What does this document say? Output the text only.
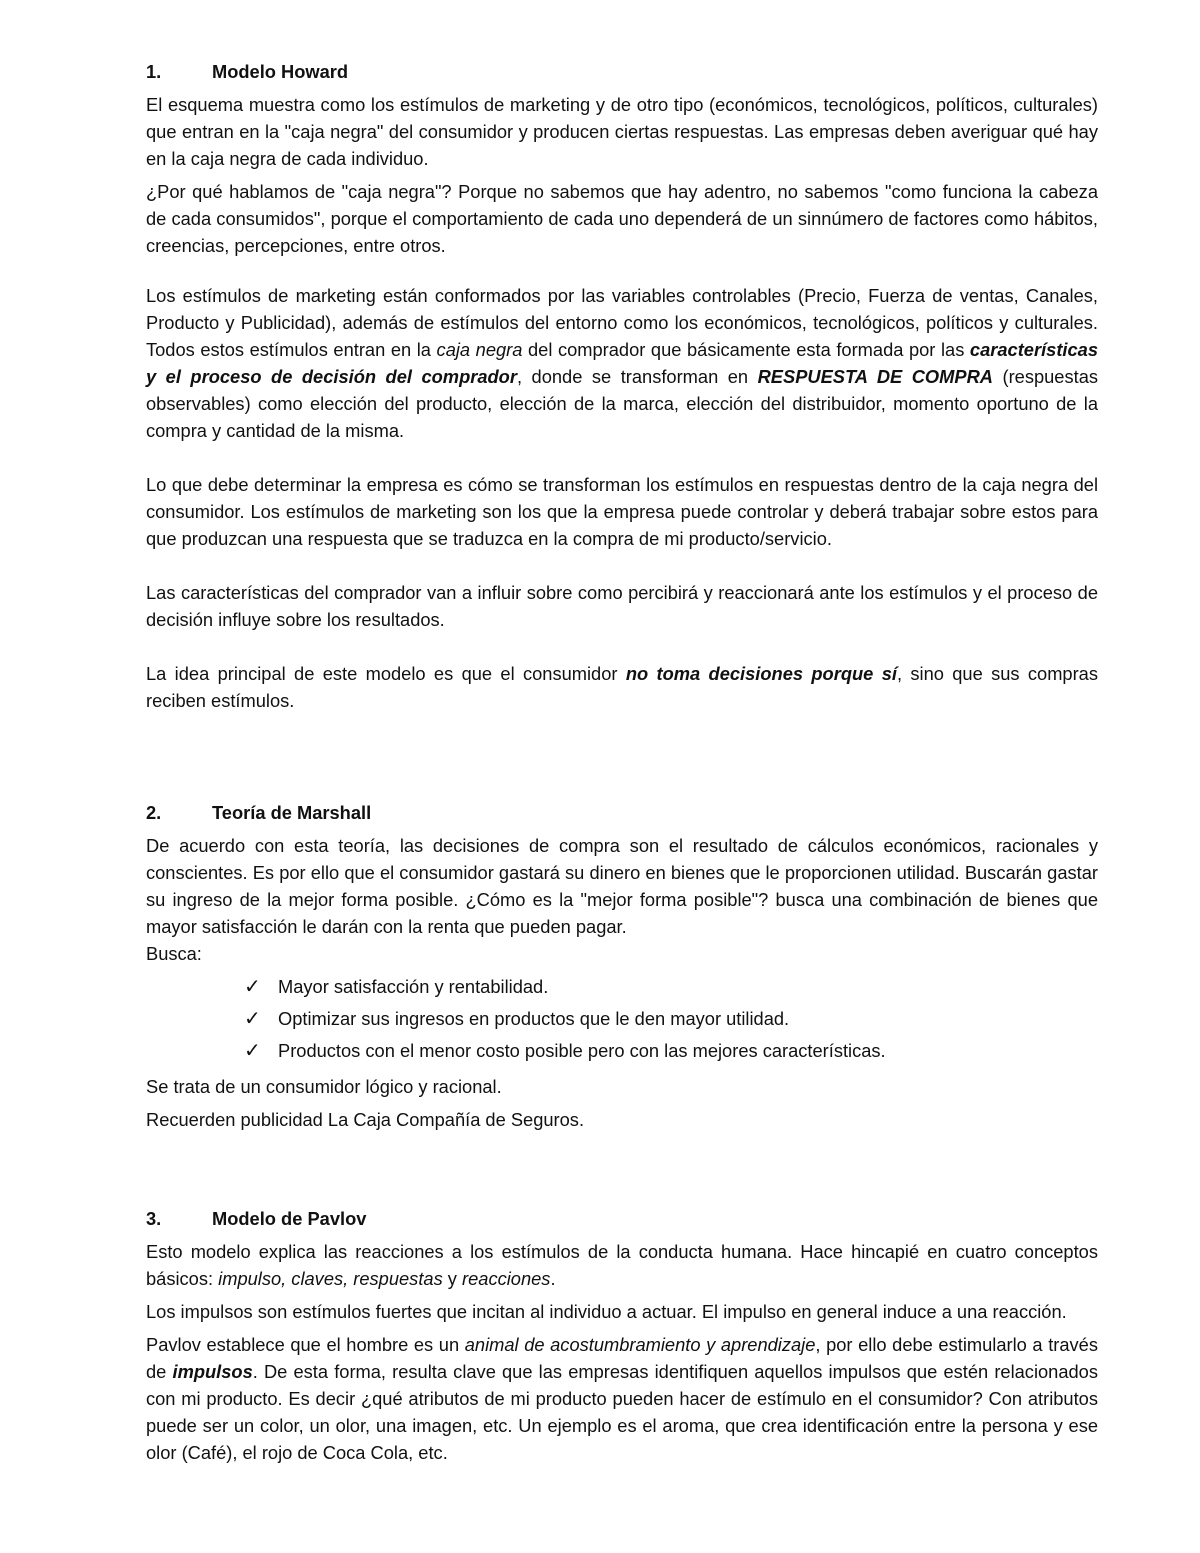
1.	Modelo Howard

El esquema muestra como los estímulos de marketing y de otro tipo (económicos, tecnológicos, políticos, culturales) que entran en la "caja negra" del consumidor y producen ciertas respuestas. Las empresas deben averiguar qué hay en la caja negra de cada individuo.

¿Por qué hablamos de "caja negra"? Porque no sabemos que hay adentro, no sabemos "como funciona la cabeza de cada consumidos", porque el comportamiento de cada uno dependerá de un sinnúmero de factores como hábitos, creencias, percepciones, entre otros.

Los estímulos de marketing están conformados por las variables controlables (Precio, Fuerza de ventas, Canales, Producto y Publicidad), además de estímulos del entorno como los económicos, tecnológicos, políticos y culturales. Todos estos estímulos entran en la caja negra del comprador que básicamente esta formada por las características y el proceso de decisión del comprador, donde se transforman en RESPUESTA DE COMPRA (respuestas observables) como elección del producto, elección de la marca, elección del distribuidor, momento oportuno de la compra y cantidad de la misma.

Lo que debe determinar la empresa es cómo se transforman los estímulos en respuestas dentro de la caja negra del consumidor. Los estímulos de marketing son los que la empresa puede controlar y deberá trabajar sobre estos para que produzcan una respuesta que se traduzca en la compra de mi producto/servicio.

Las características del comprador van a influir sobre como percibirá y reaccionará ante los estímulos y el proceso de decisión influye sobre los resultados.

La idea principal de este modelo es que el consumidor no toma decisiones porque sí, sino que sus compras reciben estímulos.

2.	Teoría de Marshall

De acuerdo con esta teoría, las decisiones de compra son el resultado de cálculos económicos, racionales y conscientes. Es por ello que el consumidor gastará su dinero en bienes que le proporcionen utilidad. Buscarán gastar su ingreso de la mejor forma posible. ¿Cómo es la "mejor forma posible"? busca una combinación de bienes que mayor satisfacción le darán con la renta que pueden pagar.

Busca:

✓ Mayor satisfacción y rentabilidad.
✓ Optimizar sus ingresos en productos que le den mayor utilidad.
✓ Productos con el menor costo posible pero con las mejores características.

Se trata de un consumidor lógico y racional.

Recuerden publicidad La Caja Compañía de Seguros.

3.	Modelo de Pavlov

Esto modelo explica las reacciones a los estímulos de la conducta humana. Hace hincapié en cuatro conceptos básicos: impulso, claves, respuestas y reacciones.

Los impulsos son estímulos fuertes que incitan al individuo a actuar. El impulso en general induce a una reacción.

Pavlov establece que el hombre es un animal de acostumbramiento y aprendizaje, por ello debe estimularlo a través de impulsos. De esta forma, resulta clave que las empresas identifiquen aquellos impulsos que estén relacionados con mi producto. Es decir ¿qué atributos de mi producto pueden hacer de estímulo en el consumidor? Con atributos puede ser un color, un olor, una imagen, etc. Un ejemplo es el aroma, que crea identificación entre la persona y ese olor (Café), el rojo de Coca Cola, etc.
